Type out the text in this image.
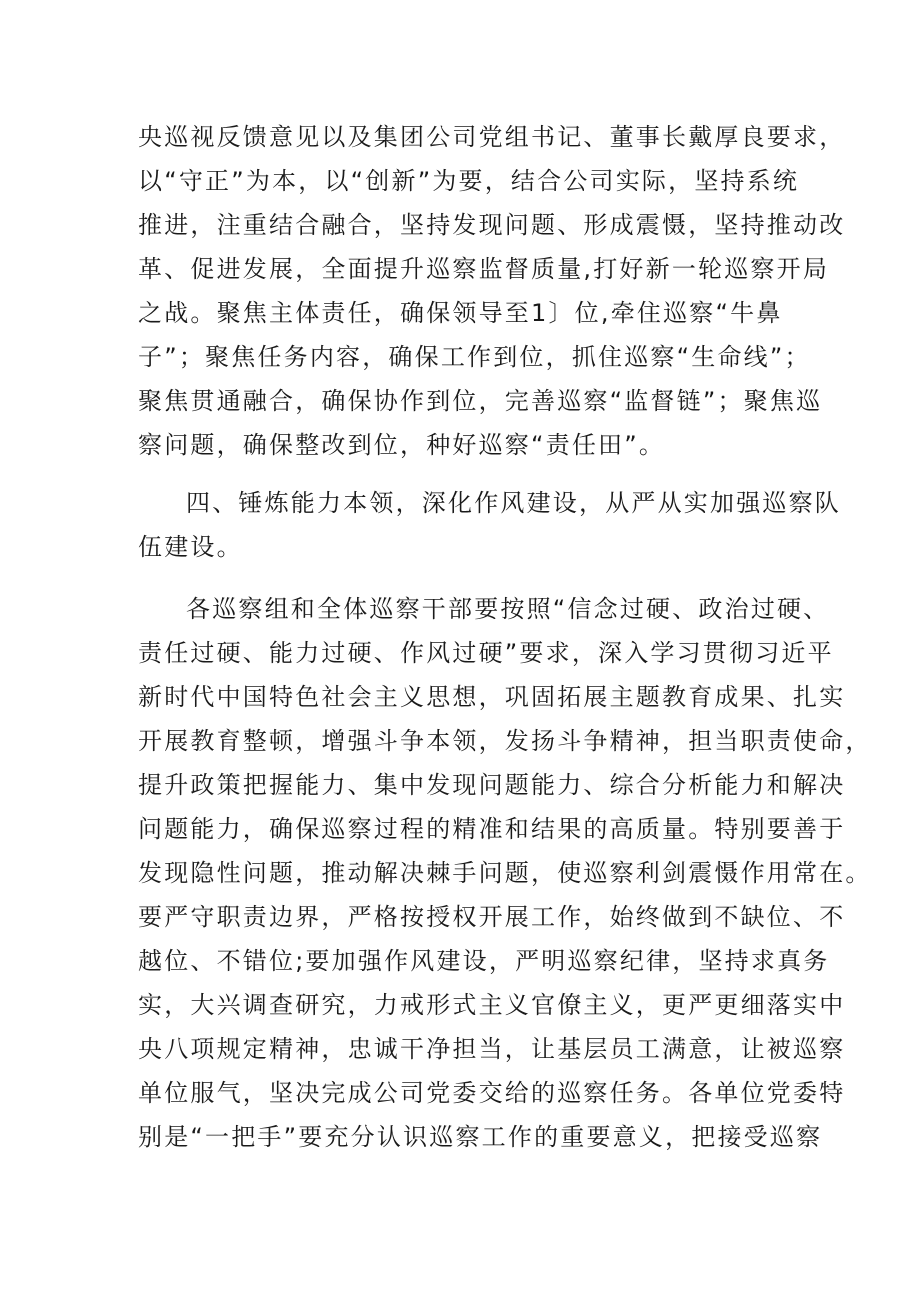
央巡视反馈意见以及集团公司党组书记、董事长戴厚良要求，
以“守正”为本，以“创新”为要，结合公司实际，坚持系统
推进，注重结合融合，坚持发现问题、形成震慑，坚持推动改
革、促进发展，全面提升巡察监督质量,打好新一轮巡察开局
之战。聚焦主体责任，确保领导至1〕位,牵住巡察“牛鼻
子”；聚焦任务内容，确保工作到位，抓住巡察“生命线”；
聚焦贯通融合，确保协作到位，完善巡察“监督链”；聚焦巡
察问题，确保整改到位，种好巡察“责任田”。
四、锤炼能力本领，深化作风建设，从严从实加强巡察队
伍建设。
各巡察组和全体巡察干部要按照“信念过硬、政治过硬、
责任过硬、能力过硬、作风过硬”要求，深入学习贯彻习近平
新时代中国特色社会主义思想，巩固拓展主题教育成果、扎实
开展教育整顿，增强斗争本领，发扬斗争精神，担当职责使命，
提升政策把握能力、集中发现问题能力、综合分析能力和解决
问题能力，确保巡察过程的精准和结果的高质量。特别要善于
发现隐性问题，推动解决棘手问题，使巡察利剑震慑作用常在。
要严守职责边界，严格按授权开展工作，始终做到不缺位、不
越位、不错位;要加强作风建设，严明巡察纪律，坚持求真务
实，大兴调查研究，力戒形式主义官僚主义，更严更细落实中
央八项规定精神，忠诚干净担当，让基层员工满意，让被巡察
单位服气，坚决完成公司党委交给的巡察任务。各单位党委特
别是“一把手”要充分认识巡察工作的重要意义，把接受巡察
